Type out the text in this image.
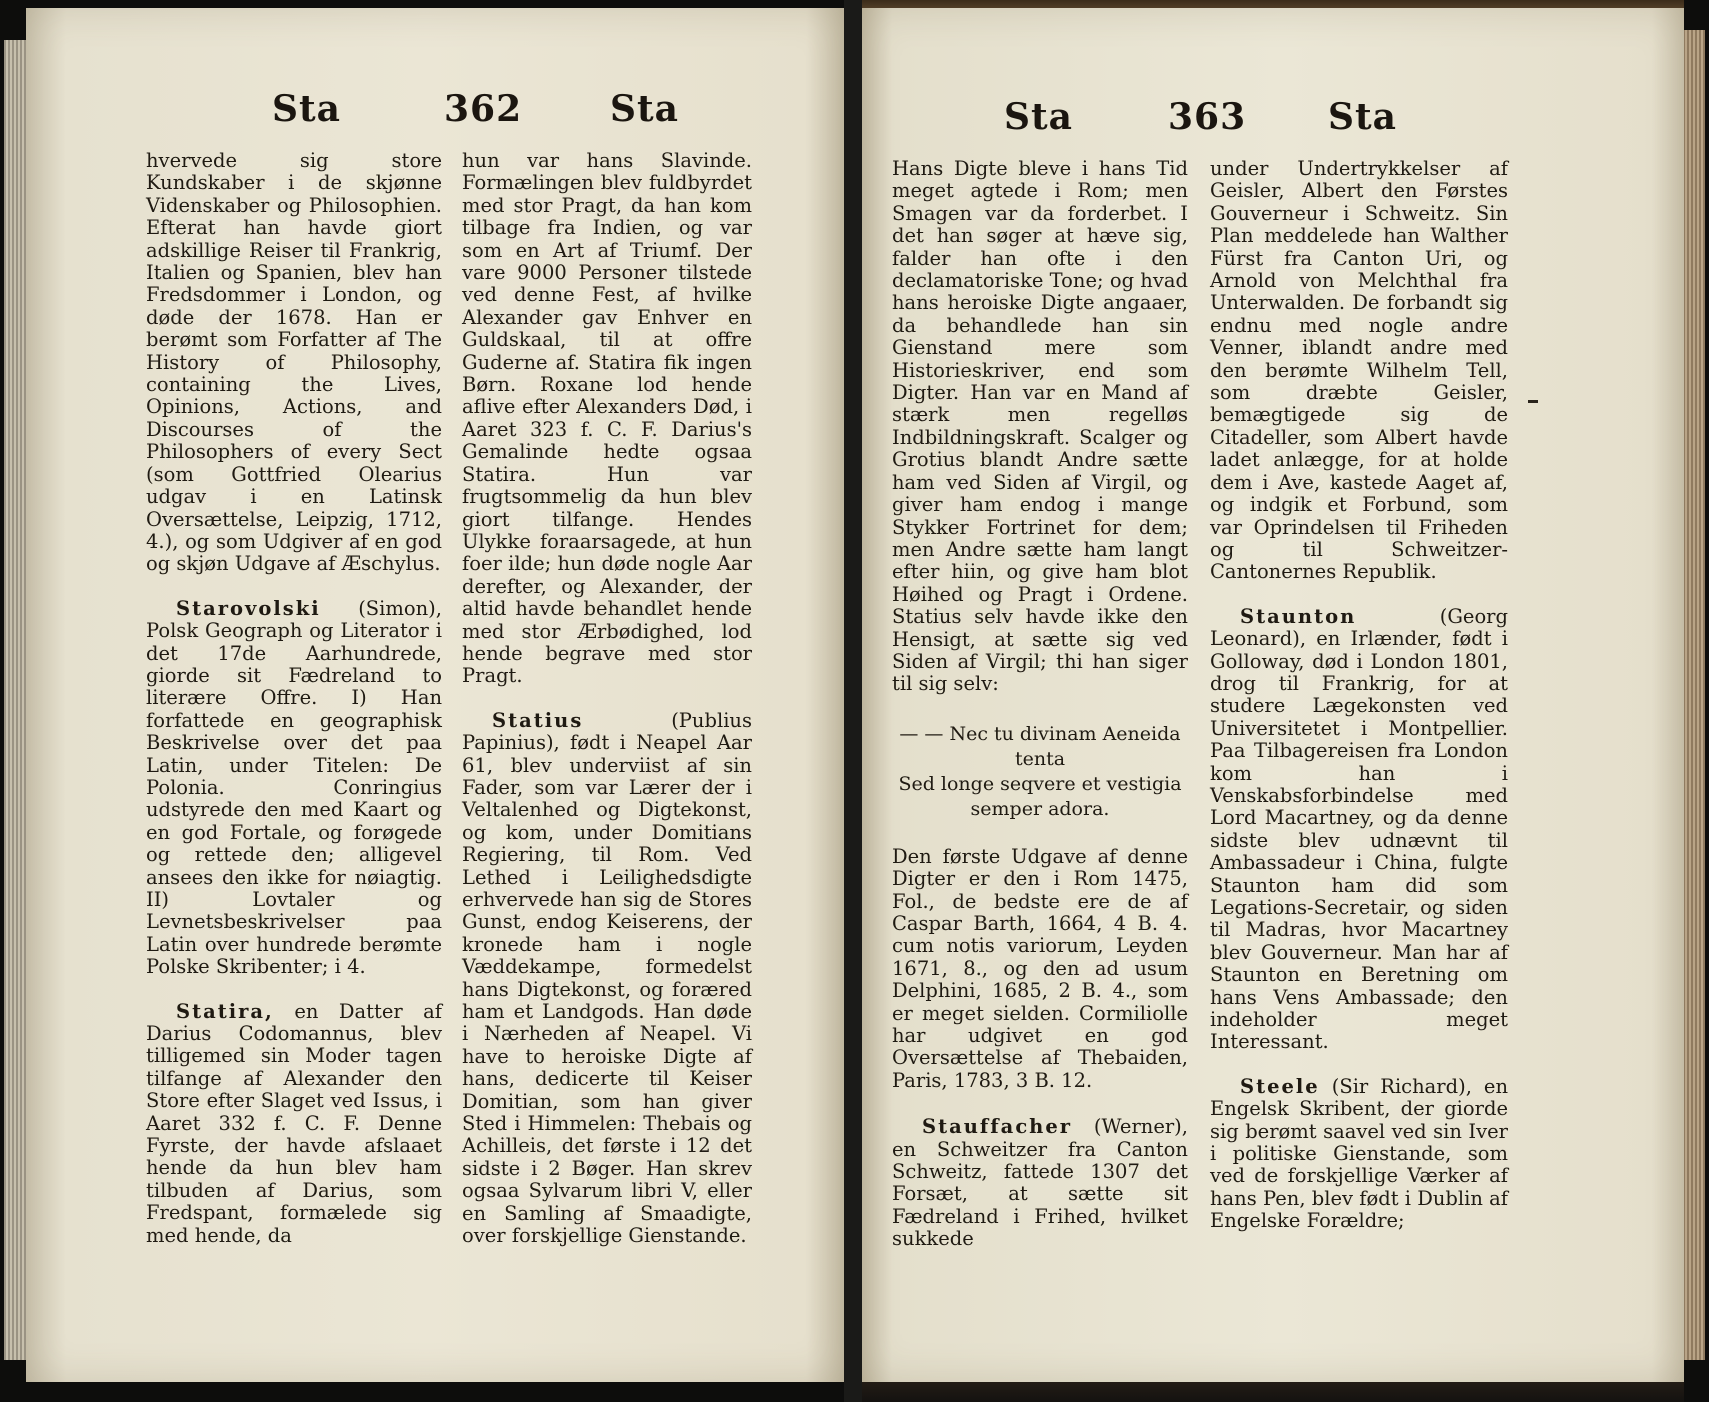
Sta	362 Sta

hvervede sig store Kundskaber i de skjønne Videnskaber og Philosophien. Efterat han havde giort adskillige Reiser til Frankrig, Italien og Spanien, blev han Fredsdommer i London, og døde der 1678. Han er berømt som Forfatter af The History of Philosophy, containing the Lives, Opinions, Actions, and Discourses of the Philosophers of every Sect (som Gottfried Olearius udgav i en Latinsk Oversættelse, Leipzig, 1712, 4.), og som Udgiver af en god og skjøn Udgave af Æschylus.

Starovolski (Simon), Polsk Geograph og Literator i det 17de Aarhundrede, giorde sit Fædreland to literære Offre. I) Han forfattede en geographisk Beskrivelse over det paa Latin, under Titelen: De Polonia. Conringius udstyrede den med Kaart og en god Fortale, og forøgede og rettede den; alligevel ansees den ikke for nøiagtig. II) Lovtaler og Levnetsbeskrivelser paa Latin over hundrede berømte Polske Skribenter; i 4.

Statira, en Datter af Darius Codomannus, blev tilligemed sin Moder tagen tilfange af Alexander den Store efter Slaget ved Issus, i Aaret 332 f. C. F. Denne Fyrste, der havde afslaaet hende da hun blev ham tilbuden af Darius, som Fredspant, formælede sig med hende, da

hun var hans Slavinde. Formælingen blev fuldbyrdet med stor Pragt, da han kom tilbage fra Indien, og var som en Art af Triumf. Der vare 9000 Personer tilstede ved denne Fest, af hvilke Alexander gav Enhver en Guldskaal, til at offre Guderne af. Statira fik ingen Børn. Roxane lod hende aflive efter Alexanders Død, i Aaret 323 f. C. F. Darius's Gemalinde hedte ogsaa Statira. Hun var frugtsommelig da hun blev giort tilfange. Hendes Ulykke foraarsagede, at hun foer ilde; hun døde nogle Aar derefter, og Alexander, der altid havde behandlet hende med stor Ærbødighed, lod hende begrave med stor Pragt.

Statius	(Publius Papinius), født i Neapel Aar 61, blev underviist af sin Fader, som var Lærer der i Veltalenhed og Digtekonst, og kom, under Domitians Regiering, til Rom. Ved Lethed i Leilighedsdigte erhvervede han sig de Stores Gunst, endog Keiserens, der kronede ham i nogle Væddekampe, formedelst hans Digtekonst, og foræred ham et Landgods. Han døde i Nærheden af Neapel. Vi have to heroiske Digte af hans, dedicerte til Keiser Domitian, som han giver Sted i Himmelen: Thebais og Achilleis, det første i 12 det sidste i 2 Bøger. Han skrev ogsaa Sylvarum libri V, eller en Samling af Smaadigte, over forskjellige Gienstande.

Sta	363 Sta

Hans Digte bleve i hans Tid meget agtede i Rom; men Smagen var da forderbet. I det han søger at hæve sig, falder han ofte i den declamatoriske Tone; og hvad hans heroiske Digte angaaer, da behandlede han sin Gienstand mere som Historieskriver, end som Digter. Han var en Mand af stærk men regelløs Indbildningskraft. Scalger og Grotius blandt Andre sætte ham ved Siden af Virgil, og giver ham endog i mange Stykker Fortrinet for dem; men Andre sætte ham langt efter hiin, og give ham blot Høihed og Pragt i Ordene. Statius selv havde ikke den Hensigt, at sætte sig ved Siden af Virgil; thi han siger til sig selv:

— — Nec tu divinam Aeneida tenta
Sed longe seqvere et vestigia semper adora.

Den første Udgave af denne Digter er den i Rom 1475, Fol., de bedste ere de af Caspar Barth, 1664, 4 B. 4. cum notis variorum, Leyden 1671, 8., og den ad usum Delphini, 1685, 2 B. 4., som er meget sielden. Cormiliolle har udgivet en god Oversættelse af Thebaiden, Paris, 1783, 3 B. 12.

Stauffacher (Werner), en Schweitzer fra Canton Schweitz, fattede 1307 det Forsæt, at sætte sit Fædreland i Frihed, hvilket sukkede

under Undertrykkelser af Geisler, Albert den Førstes Gouverneur i Schweitz. Sin Plan meddelede han Walther Fürst fra Canton Uri, og Arnold von Melchthal fra Unterwalden. De forbandt sig endnu med nogle andre Venner, iblandt andre med den berømte Wilhelm Tell, som dræbte Geisler, bemægtigede sig de Citadeller, som Albert havde ladet anlægge, for at holde dem i Ave, kastede Aaget af, og indgik et Forbund, som var Oprindelsen til Friheden og til Schweitzer-Cantonernes Republik.

Staunton	(Georg Leonard), en Irlænder, født i Golloway, død i London 1801, drog til Frankrig, for at studere Lægekonsten ved Universitetet i Montpellier. Paa Tilbagereisen fra London kom han i Venskabsforbindelse med Lord Macartney, og da denne sidste blev udnævnt til Ambassadeur i China, fulgte Staunton ham did som Legations-Secretair, og siden til Madras, hvor Macartney blev Gouverneur. Man har af Staunton en Beretning om hans Vens Ambassade; den indeholder meget Interessant.

Steele (Sir Richard), en Engelsk Skribent, der giorde sig berømt saavel ved sin Iver i politiske Gienstande, som ved de forskjellige Værker af hans Pen, blev født i Dublin af Engelske Forældre;
